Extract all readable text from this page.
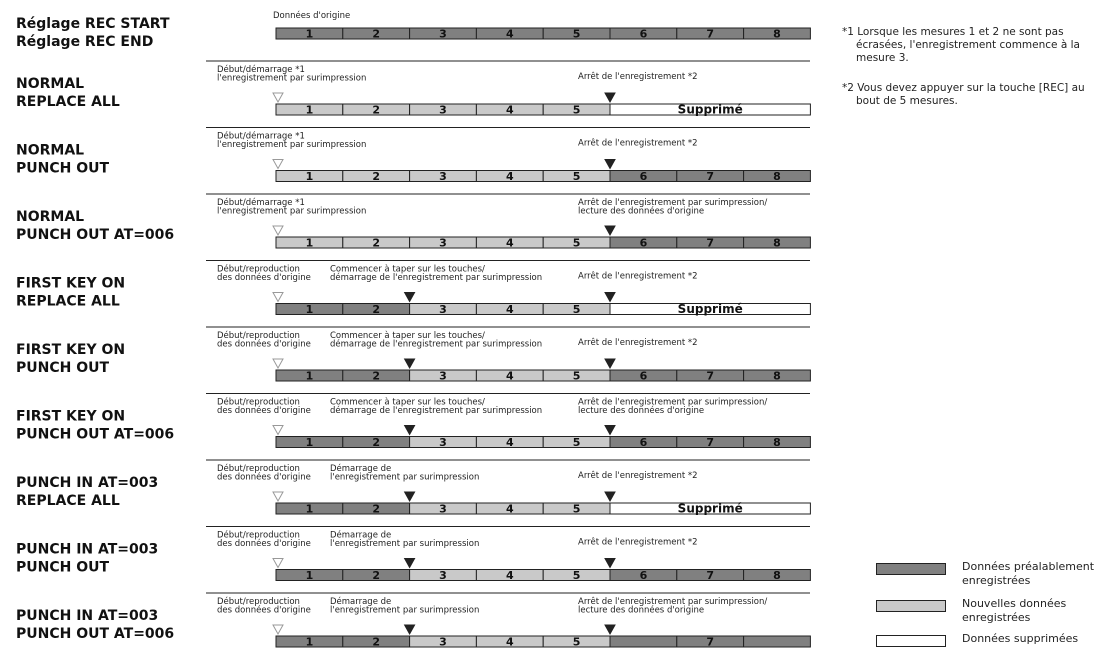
Réglage REC START
Réglage REC END
Données d'origine
1	2	3	4	5	6	7	8
NORMAL
REPLACE ALL
Début/démarrage *1
l'enregistrement par surimpression	Arrêt de l'enregistrement *2
1	2	3	4	5	Supprimé
NORMAL
PUNCH OUT
Début/démarrage *1
l'enregistrement par surimpression	Arrêt de l'enregistrement *2
1	2	3	4	5	6	7	8
NORMAL
PUNCH OUT AT=006
Début/démarrage *1
l'enregistrement par surimpression
Arrêt de l'enregistrement par surimpression/
lecture des données d'origine
1	2	3	4	5	6	7	8
FIRST KEY ON
REPLACE ALL
Début/reproduction
des données d'origine
Commencer à taper sur les touches/
démarrage de l'enregistrement par surimpression	Arrêt de l'enregistrement *2
1	2	3	4	5	Supprimé
FIRST KEY ON
PUNCH OUT
Début/reproduction
des données d'origine
Commencer à taper sur les touches/
démarrage de l'enregistrement par surimpression	Arrêt de l'enregistrement *2
1	2	3	4	5	6	7	8
FIRST KEY ON
PUNCH OUT AT=006
Début/reproduction
des données d'origine
Commencer à taper sur les touches/
démarrage de l'enregistrement par surimpression
Arrêt de l'enregistrement par surimpression/
lecture des données d'origine
1	2	3	4	5	6	7	8
PUNCH IN AT=003
REPLACE ALL
Début/reproduction
des données d'origine
Démarrage de
l'enregistrement par surimpression	Arrêt de l'enregistrement *2
1	2	3	4	5	Supprimé
PUNCH IN AT=003
PUNCH OUT
Début/reproduction
des données d'origine
Démarrage de
l'enregistrement par surimpression	Arrêt de l'enregistrement *2
1	2	3	4	5	6	7	8
PUNCH IN AT=003
PUNCH OUT AT=006
Début/reproduction
des données d'origine
Démarrage de
l'enregistrement par surimpression
Arrêt de l'enregistrement par surimpression/
lecture des données d'origine
1	2	3	4	5	7
*1 Lorsque les mesures 1 et 2 ne sont pas écrasées, l'enregistrement commence à la mesure 3.
*2 Vous devez appuyer sur la touche [REC] au bout de 5 mesures.
Données préalablement enregistrées
Nouvelles données enregistrées
Données supprimées
